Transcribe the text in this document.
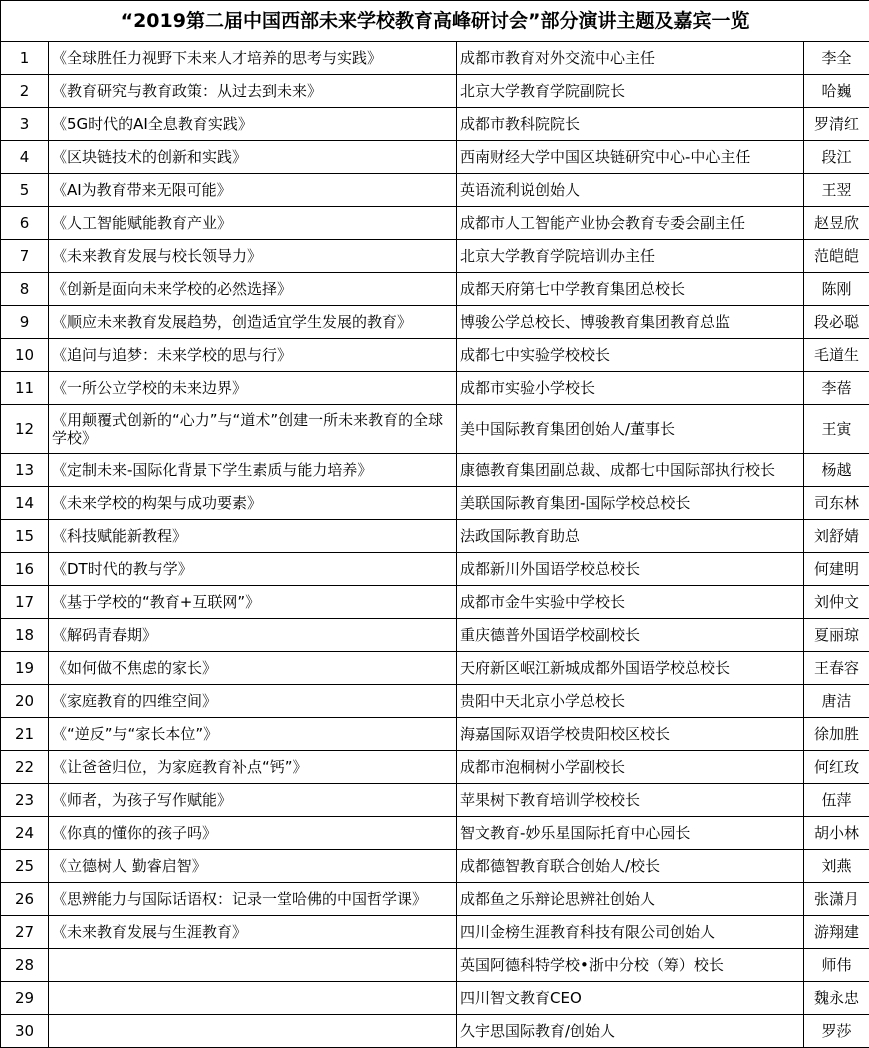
“2019第二届中国西部未来学校教育高峰研讨会”部分演讲主题及嘉宾一览			
1	《全球胜任力视野下未来人才培养的思考与实践》	成都市教育对外交流中心主任	李全
2	《教育研究与教育政策：从过去到未来》	北京大学教育学院副院长	哈巍
3	《5G时代的AI全息教育实践》	成都市教科院院长	罗清红
4	《区块链技术的创新和实践》	西南财经大学中国区块链研究中心-中心主任	段江
5	《AI为教育带来无限可能》	英语流利说创始人	王翌
6	《人工智能赋能教育产业》	成都市人工智能产业协会教育专委会副主任	赵昱欣
7	《未来教育发展与校长领导力》	北京大学教育学院培训办主任	范皑皑
8	《创新是面向未来学校的必然选择》	成都天府第七中学教育集团总校长	陈刚
9	《顺应未来教育发展趋势，创造适宜学生发展的教育》	博骏公学总校长、博骏教育集团教育总监	段必聪
10	《追问与追梦：未来学校的思与行》	成都七中实验学校校长	毛道生
11	《一所公立学校的未来边界》	成都市实验小学校长	李蓓
12	《用颠覆式创新的“心力”与“道术”创建一所未来教育的全球学校》	美中国际教育集团创始人/董事长	王寅
13	《定制未来-国际化背景下学生素质与能力培养》	康德教育集团副总裁、成都七中国际部执行校长	杨越
14	《未来学校的构架与成功要素》	美联国际教育集团-国际学校总校长	司东林
15	《科技赋能新教程》	法政国际教育助总	刘舒婧
16	《DT时代的教与学》	成都新川外国语学校总校长	何建明
17	《基于学校的“教育+互联网”》	成都市金牛实验中学校长	刘仲文
18	《解码青春期》	重庆德普外国语学校副校长	夏丽琼
19	《如何做不焦虑的家长》	天府新区岷江新城成都外国语学校总校长	王春容
20	《家庭教育的四维空间》	贵阳中天北京小学总校长	唐洁
21	《“逆反”与“家长本位”》	海嘉国际双语学校贵阳校区校长	徐加胜
22	《让爸爸归位，为家庭教育补点“钙”》	成都市泡桐树小学副校长	何红玫
23	《师者，为孩子写作赋能》	苹果树下教育培训学校校长	伍萍
24	《你真的懂你的孩子吗》	智文教育-妙乐星国际托育中心园长	胡小林
25	《立德树人 勤睿启智》	成都德智教育联合创始人/校长	刘燕
26	《思辨能力与国际话语权：记录一堂哈佛的中国哲学课》	成都鱼之乐辩论思辨社创始人	张潇月
27	《未来教育发展与生涯教育》	四川金榜生涯教育科技有限公司创始人	游翔建
28		英国阿德科特学校•浙中分校（筹）校长	师伟
29		四川智文教育CEO	魏永忠
30		久宇思国际教育/创始人	罗莎
